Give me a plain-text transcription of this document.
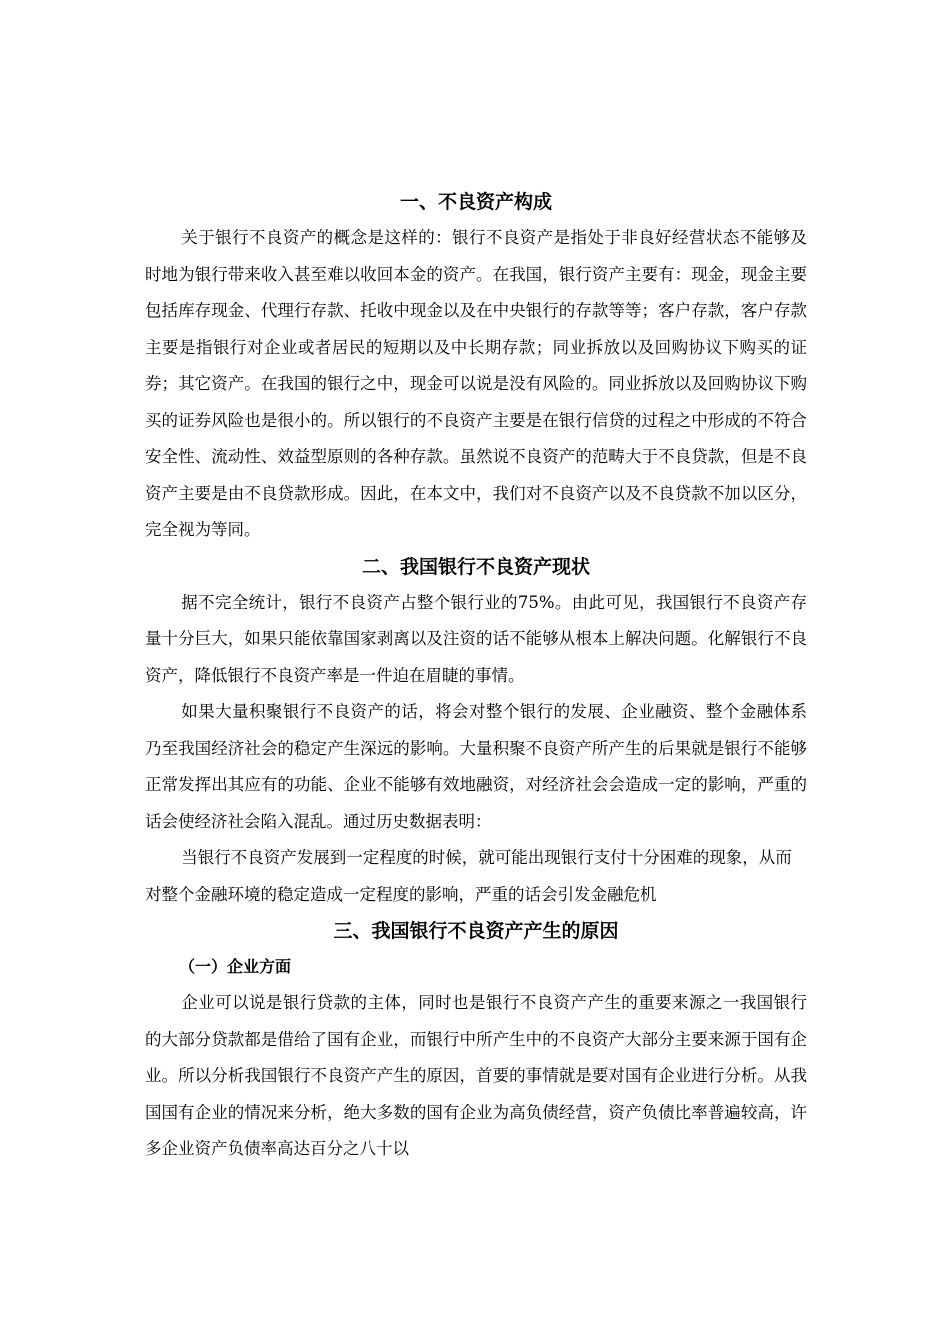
一、不良资产构成

关于银行不良资产的概念是这样的：银行不良资产是指处于非良好经营状态不能够及时地为银行带来收入甚至难以收回本金的资产。在我国，银行资产主要有：现金，现金主要包括库存现金、代理行存款、托收中现金以及在中央银行的存款等等；客户存款，客户存款主要是指银行对企业或者居民的短期以及中长期存款；同业拆放以及回购协议下购买的证券；其它资产。在我国的银行之中，现金可以说是没有风险的。同业拆放以及回购协议下购买的证券风险也是很小的。所以银行的不良资产主要是在银行信贷的过程之中形成的不符合安全性、流动性、效益型原则的各种存款。虽然说不良资产的范畴大于不良贷款，但是不良资产主要是由不良贷款形成。因此，在本文中，我们对不良资产以及不良贷款不加以区分，完全视为等同。

二、我国银行不良资产现状

据不完全统计，银行不良资产占整个银行业的75%。由此可见，我国银行不良资产存量十分巨大，如果只能依靠国家剥离以及注资的话不能够从根本上解决问题。化解银行不良资产，降低银行不良资产率是一件迫在眉睫的事情。

如果大量积聚银行不良资产的话，将会对整个银行的发展、企业融资、整个金融体系乃至我国经济社会的稳定产生深远的影响。大量积聚不良资产所产生的后果就是银行不能够正常发挥出其应有的功能、企业不能够有效地融资，对经济社会会造成一定的影响，严重的话会使经济社会陷入混乱。通过历史数据表明：

当银行不良资产发展到一定程度的时候，就可能出现银行支付十分困难的现象，从而对整个金融环境的稳定造成一定程度的影响，严重的话会引发金融危机

三、我国银行不良资产产生的原因
（一）企业方面

企业可以说是银行贷款的主体，同时也是银行不良资产产生的重要来源之一我国银行的大部分贷款都是借给了国有企业，而银行中所产生中的不良资产大部分主要来源于国有企业。所以分析我国银行不良资产产生的原因，首要的事情就是要对国有企业进行分析。从我国国有企业的情况来分析，绝大多数的国有企业为高负债经营，资产负债比率普遍较高，许多企业资产负债率高达百分之八十以
